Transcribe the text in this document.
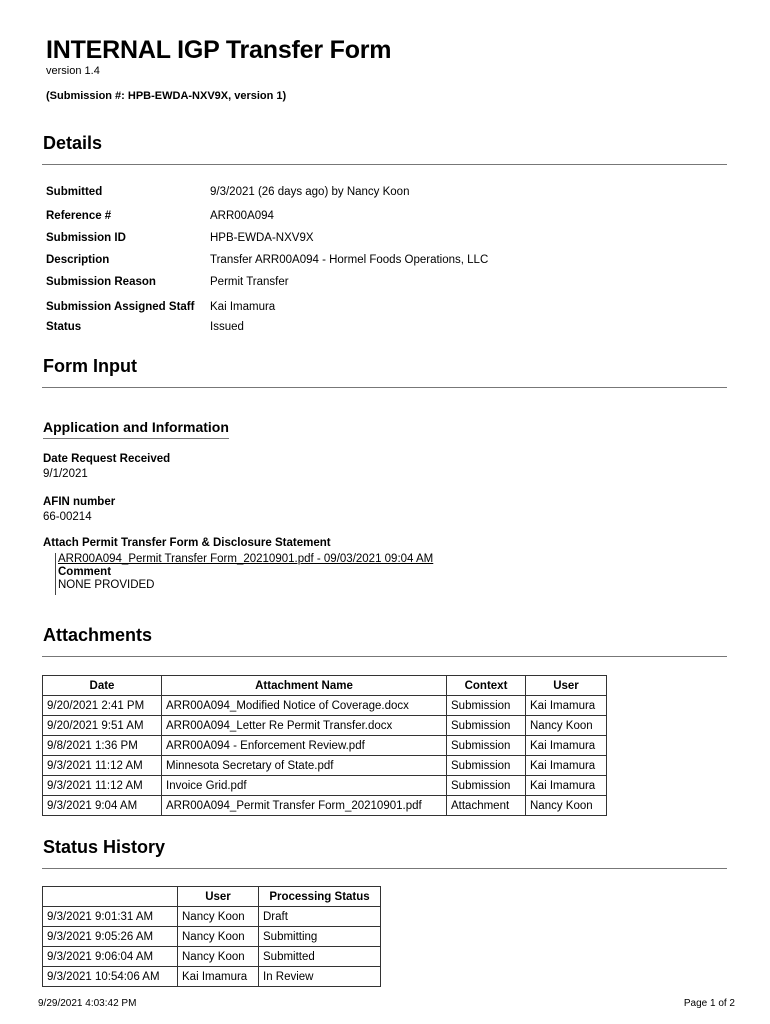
INTERNAL IGP Transfer Form
version 1.4
(Submission #: HPB-EWDA-NXV9X, version 1)
Details
Submitted	9/3/2021 (26 days ago) by Nancy Koon
Reference #	ARR00A094
Submission ID	HPB-EWDA-NXV9X
Description	Transfer ARR00A094 - Hormel Foods Operations, LLC
Submission Reason	Permit Transfer
Submission Assigned Staff Kai Imamura
Status	Issued
Form Input
Application and Information
Date Request Received
9/1/2021
AFIN number
66-00214
Attach Permit Transfer Form & Disclosure Statement
ARR00A094_Permit Transfer Form_20210901.pdf - 09/03/2021 09:04 AM
Comment
NONE PROVIDED
Attachments
Date	Attachment Name	Context	User
9/20/2021 2:41 PM	ARR00A094_Modified Notice of Coverage.docx	Submission	Kai Imamura
9/20/2021 9:51 AM	ARR00A094_Letter Re Permit Transfer.docx	Submission	Nancy Koon
9/8/2021 1:36 PM	ARR00A094 - Enforcement Review.pdf	Submission	Kai Imamura
9/3/2021 11:12 AM	Minnesota Secretary of State.pdf	Submission	Kai Imamura
9/3/2021 11:12 AM	Invoice Grid.pdf	Submission	Kai Imamura
9/3/2021 9:04 AM	ARR00A094_Permit Transfer Form_20210901.pdf	Attachment	Nancy Koon
Status History
	User	Processing Status
9/3/2021 9:01:31 AM	Nancy Koon	Draft
9/3/2021 9:05:26 AM	Nancy Koon	Submitting
9/3/2021 9:06:04 AM	Nancy Koon	Submitted
9/3/2021 10:54:06 AM	Kai Imamura	In Review
9/29/2021 4:03:42 PM	Page 1 of 2
